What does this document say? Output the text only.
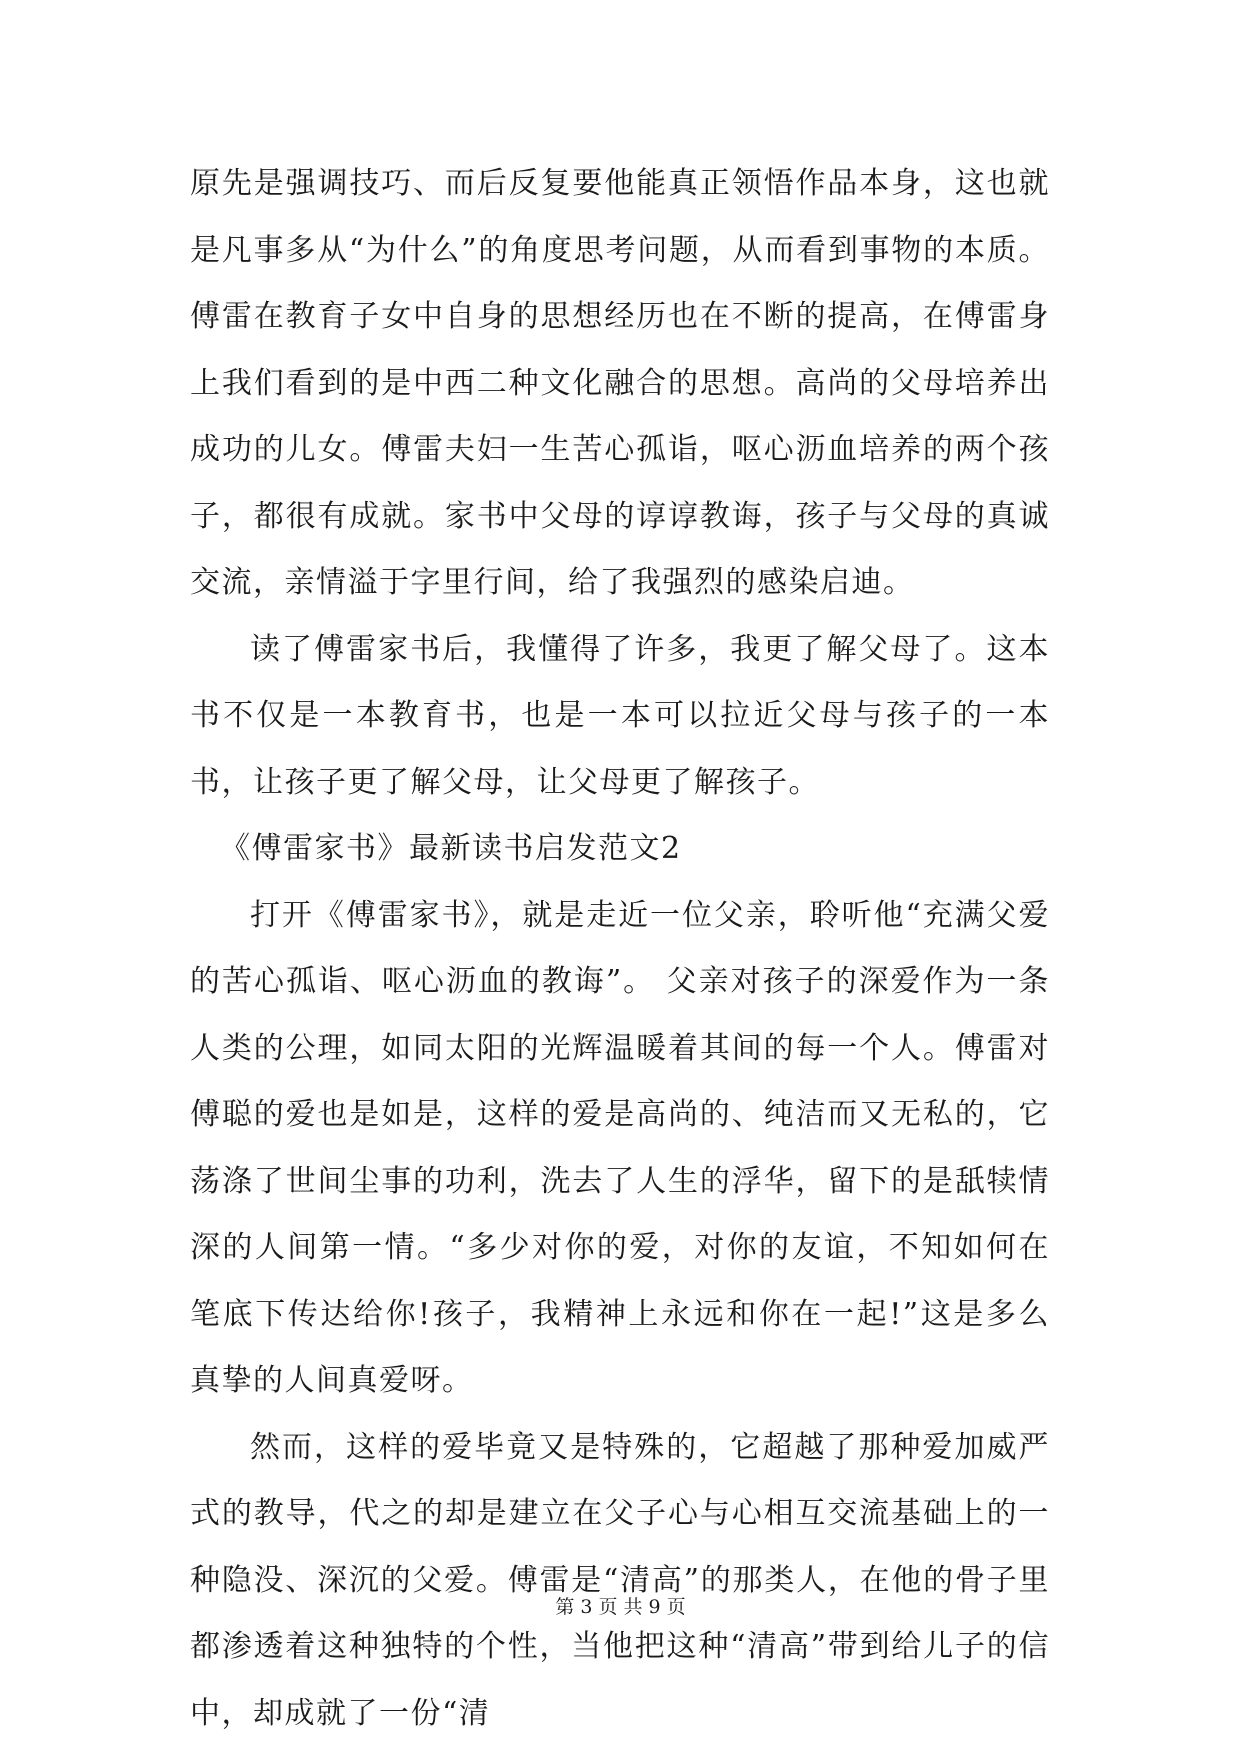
原先是强调技巧、而后反复要他能真正领悟作品本身，这也就是凡事多从“为什么”的角度思考问题，从而看到事物的本质。傅雷在教育子女中自身的思想经历也在不断的提高，在傅雷身上我们看到的是中西二种文化融合的思想。高尚的父母培养出成功的儿女。傅雷夫妇一生苦心孤诣，呕心沥血培养的两个孩子，都很有成就。家书中父母的谆谆教诲，孩子与父母的真诚交流，亲情溢于字里行间，给了我强烈的感染启迪。

读了傅雷家书后，我懂得了许多，我更了解父母了。这本书不仅是一本教育书，也是一本可以拉近父母与孩子的一本书，让孩子更了解父母，让父母更了解孩子。

《傅雷家书》最新读书启发范文2

打开《傅雷家书》，就是走近一位父亲，聆听他“充满父爱的苦心孤诣、呕心沥血的教诲”。 父亲对孩子的深爱作为一条人类的公理，如同太阳的光辉温暖着其间的每一个人。傅雷对傅聪的爱也是如是，这样的爱是高尚的、纯洁而又无私的，它荡涤了世间尘事的功利，洗去了人生的浮华，留下的是舐犊情深的人间第一情。“多少对你的爱，对你的友谊，不知如何在笔底下传达给你!孩子，我精神上永远和你在一起!”这是多么真挚的人间真爱呀。

然而，这样的爱毕竟又是特殊的，它超越了那种爱加威严式的教导，代之的却是建立在父子心与心相互交流基础上的一种隐没、深沉的父爱。傅雷是“清高”的那类人，在他的骨子里都渗透着这种独特的个性，当他把这种“清高”带到给儿子的信中，却成就了一份“清

第 3 页 共 9 页
